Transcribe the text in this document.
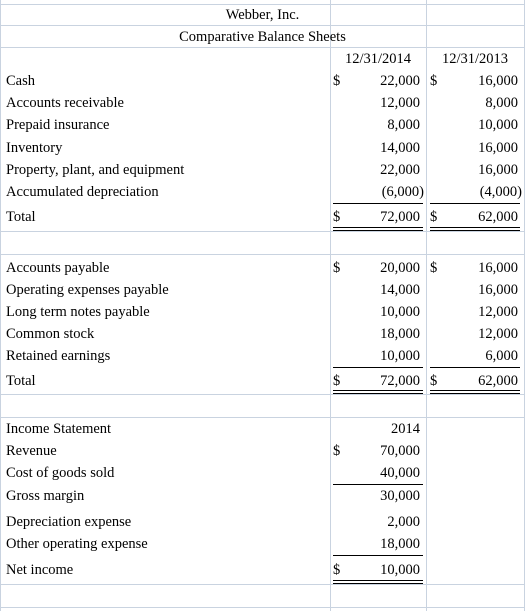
Webber, Inc.
Comparative Balance Sheets
12/31/2014	12/31/2013
Cash	$	22,000 $	16,000
Accounts receivable	12,000	8,000
Prepaid insurance	8,000	10,000
Inventory	14,000	16,000
Property, plant, and equipment	22,000	16,000
Accumulated depreciation	(6,000)	(4,000)
Total	$	72,000 $	62,000
Accounts payable	$	20,000 $	16,000
Operating expenses payable	14,000	16,000
Long term notes payable	10,000	12,000
Common stock	18,000	12,000
Retained earnings	10,000	6,000
Total	$	72,000 $	62,000
Income Statement	2014
Revenue	$	70,000
Cost of goods sold	40,000
Gross margin	30,000
Depreciation expense	2,000
Other operating expense	18,000
Net income	$	10,000
